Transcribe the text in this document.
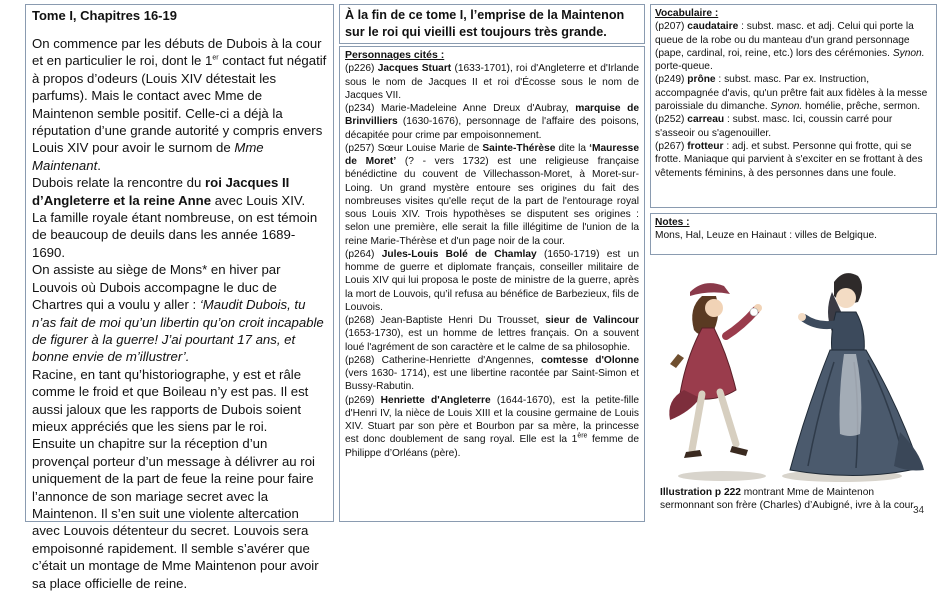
Tome I, Chapitres 16-19

On commence par les débuts de Dubois à la cour et en particulier le roi, dont le 1er contact fut négatif à propos d’odeurs (Louis XIV détestait les parfums). Mais le contact avec Mme de Maintenon semble positif. Celle-ci a déjà la réputation d’une grande autorité y compris envers Louis XIV pour avoir le surnom de Mme Maintenant.

Dubois relate la rencontre du roi Jacques II d’Angleterre et la reine Anne avec Louis XIV.

La famille royale étant nombreuse, on est témoin de beaucoup de deuils dans les année 1689-1690.

On assiste au siège de Mons* en hiver par Louvois où Dubois accompagne le duc de Chartres qui a voulu y aller : ‘Maudit Dubois, tu n’as fait de moi qu’un libertin qu’on croit incapable de figurer à la guerre! J’ai pourtant 17 ans, et bonne envie de m’illustrer’.

Racine, en tant qu’historiographe, y est et râle comme le froid et que Boileau n’y est pas. Il est aussi jaloux que les rapports de Dubois soient mieux appréciés que les siens par le roi.

Ensuite un chapitre sur la réception d’un provençal porteur d’un message à délivrer au roi uniquement de la part de feue la reine pour faire l’annonce de son mariage secret avec la Maintenon. Il s’en suit une violente altercation avec Louvois détenteur du secret. Louvois sera empoisonné rapidement. Il semble s’avérer que c’était un montage de Mme Maintenon pour avoir sa place officielle de reine.

À la fin de ce tome I, l’emprise de la Maintenon sur le roi qui vieilli est toujours très grande.
Personnages cités :

(p226) Jacques Stuart (1633-1701), roi d'Angleterre et d'Irlande sous le nom de Jacques II et roi d'Écosse sous le nom de Jacques VII.

(p234) Marie-Madeleine Anne Dreux d'Aubray, marquise de Brinvilliers (1630-1676), personnage de l'affaire des poisons, décapitée pour crime par empoisonnement.

(p257) Sœur Louise Marie de Sainte-Thérèse dite la ‘Mauresse de Moret’ (? - vers 1732) est une religieuse française bénédictine du couvent de Villechasson-Moret, à Moret-sur-Loing. Un grand mystère entoure ses origines du fait des nombreuses visites qu'elle reçut de la part de l'entourage royal sous Louis XIV. Trois hypothèses se disputent ses origines : selon une première, elle serait la fille illégitime de l'union de la reine Marie-Thérèse et d'un page noir de la cour.

(p264) Jules-Louis Bolé de Chamlay (1650-1719) est un homme de guerre et diplomate français, conseiller militaire de Louis XIV qui lui proposa le poste de ministre de la guerre, après la mort de Louvois, qu’il refusa au bénéfice de Barbezieux, fils de Louvois.

(p268) Jean-Baptiste Henri Du Trousset, sieur de Valincour (1653-1730), est un homme de lettres français. On a souvent loué l'agrément de son caractère et le calme de sa philosophie.

(p268) Catherine-Henriette d'Angennes, comtesse d'Olonne (vers 1630- 1714), est une libertine racontée par Saint-Simon et Bussy-Rabutin.

(p269) Henriette d'Angleterre (1644-1670), est la petite-fille d'Henri IV, la nièce de Louis XIII et la cousine germaine de Louis XIV. Stuart par son père et Bourbon par sa mère, la princesse est donc doublement de sang royal. Elle est la 1ère femme de Philippe d’Orléans (père).

Vocabulaire :

(p207) caudataire : subst. masc. et adj. Celui qui porte la queue de la robe ou du manteau d'un grand personnage (pape, cardinal, roi, reine, etc.) lors des cérémonies. Synon. porte-queue.

(p249) prône : subst. masc. Par ex. Instruction, accompagnée d'avis, qu'un prêtre fait aux fidèles à la messe paroissiale du dimanche. Synon. homélie, prêche, sermon.

(p252) carreau : subst. masc. Ici, coussin carré pour s'asseoir ou s'agenouiller.

(p267) frotteur : adj. et subst. Personne qui frotte, qui se frotte. Maniaque qui parvient à s'exciter en se frottant à des vêtements féminins, à des personnes dans une foule.

Notes :
Mons, Hal, Leuze en Hainaut : villes de Belgique.
Illustration p 222 montrant Mme de Maintenon sermonnant son frère (Charles) d’Aubigné, ivre à la cour.
34
